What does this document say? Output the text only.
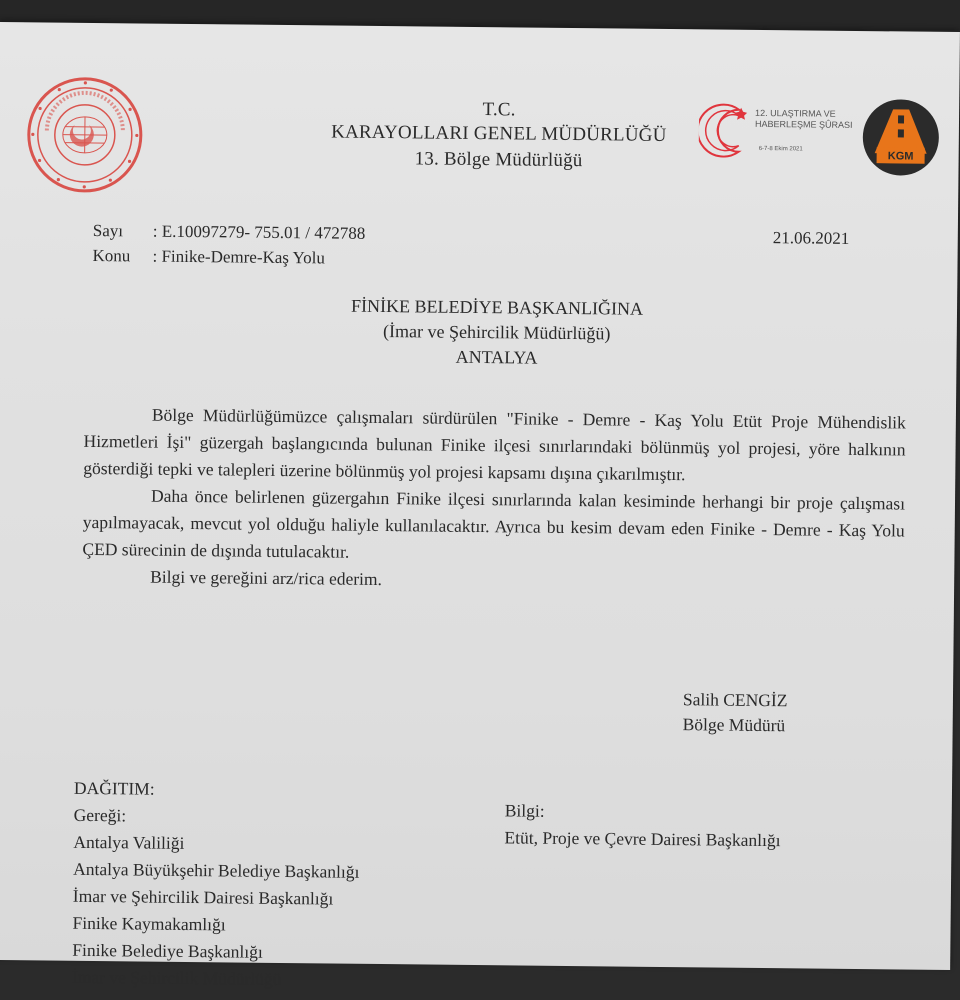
T.C.
KARAYOLLARI GENEL MÜDÜRLÜĞÜ
13. Bölge Müdürlüğü
12. ULAŞTIRMA VE
HABERLEŞME ŞÛRASI
6-7-8 Ekim 2021
KGM
Sayı : E.10097279- 755.01 / 472788
Konu : Finike-Demre-Kaş Yolu
21.06.2021
FİNİKE BELEDİYE BAŞKANLIĞINA
(İmar ve Şehircilik Müdürlüğü)
ANTALYA

Bölge Müdürlüğümüzce çalışmaları sürdürülen "Finike - Demre - Kaş Yolu Etüt Proje Mühendislik Hizmetleri İşi" güzergah başlangıcında bulunan Finike ilçesi sınırlarındaki bölünmüş yol projesi, yöre halkının gösterdiği tepki ve talepleri üzerine bölünmüş yol projesi kapsamı dışına çıkarılmıştır.

Daha önce belirlenen güzergahın Finike ilçesi sınırlarında kalan kesiminde herhangi bir proje çalışması yapılmayacak, mevcut yol olduğu haliyle kullanılacaktır. Ayrıca bu kesim devam eden Finike - Demre - Kaş Yolu ÇED sürecinin de dışında tutulacaktır.

Bilgi ve gereğini arz/rica ederim.

Salih CENGİZ
Bölge Müdürü
DAĞITIM:
Gereği:
Antalya Valiliği
Antalya Büyükşehir Belediye Başkanlığı
İmar ve Şehircilik Dairesi Başkanlığı
Finike Kaymakamlığı
Finike Belediye Başkanlığı
İmar ve Şehircilik Müdürlüğü
Bilgi:
Etüt, Proje ve Çevre Dairesi Başkanlığı
